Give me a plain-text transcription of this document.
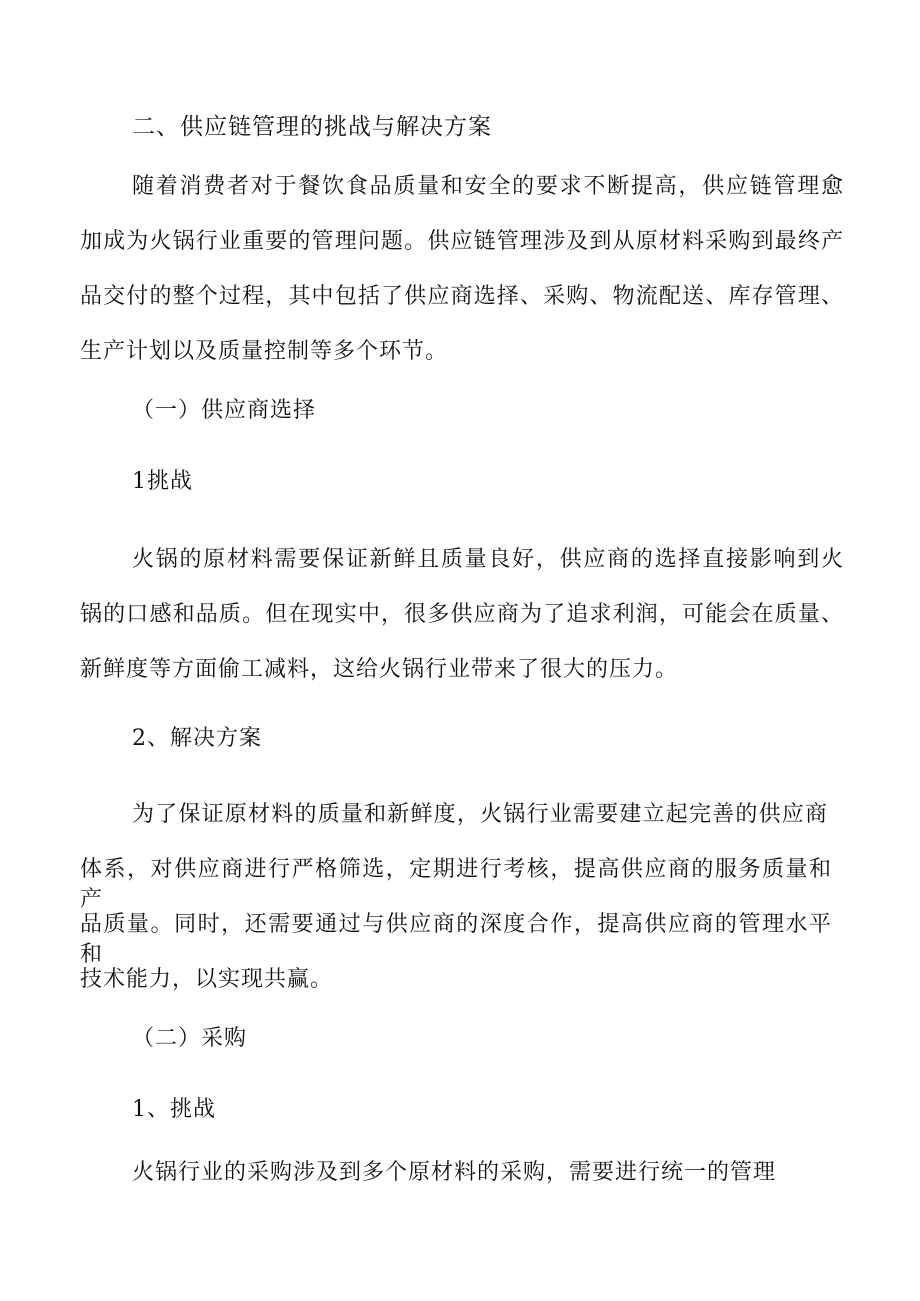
二、供应链管理的挑战与解决方案

随着消费者对于餐饮食品质量和安全的要求不断提高，供应链管理愈

加成为火锅行业重要的管理问题。供应链管理涉及到从原材料采购到最终产

品交付的整个过程，其中包括了供应商选择、采购、物流配送、库存管理、

生产计划以及质量控制等多个环节。

（一）供应商选择

1挑战

火锅的原材料需要保证新鲜且质量良好，供应商的选择直接影响到火

锅的口感和品质。但在现实中，很多供应商为了追求利润，可能会在质量、

新鲜度等方面偷工减料，这给火锅行业带来了很大的压力。

2、解决方案

为了保证原材料的质量和新鲜度，火锅行业需要建立起完善的供应商

体系，对供应商进行严格筛选，定期进行考核，提高供应商的服务质量和产

品质量。同时，还需要通过与供应商的深度合作，提高供应商的管理水平和

技术能力，以实现共赢。

（二）采购

1、挑战

火锅行业的采购涉及到多个原材料的采购，需要进行统一的管理
